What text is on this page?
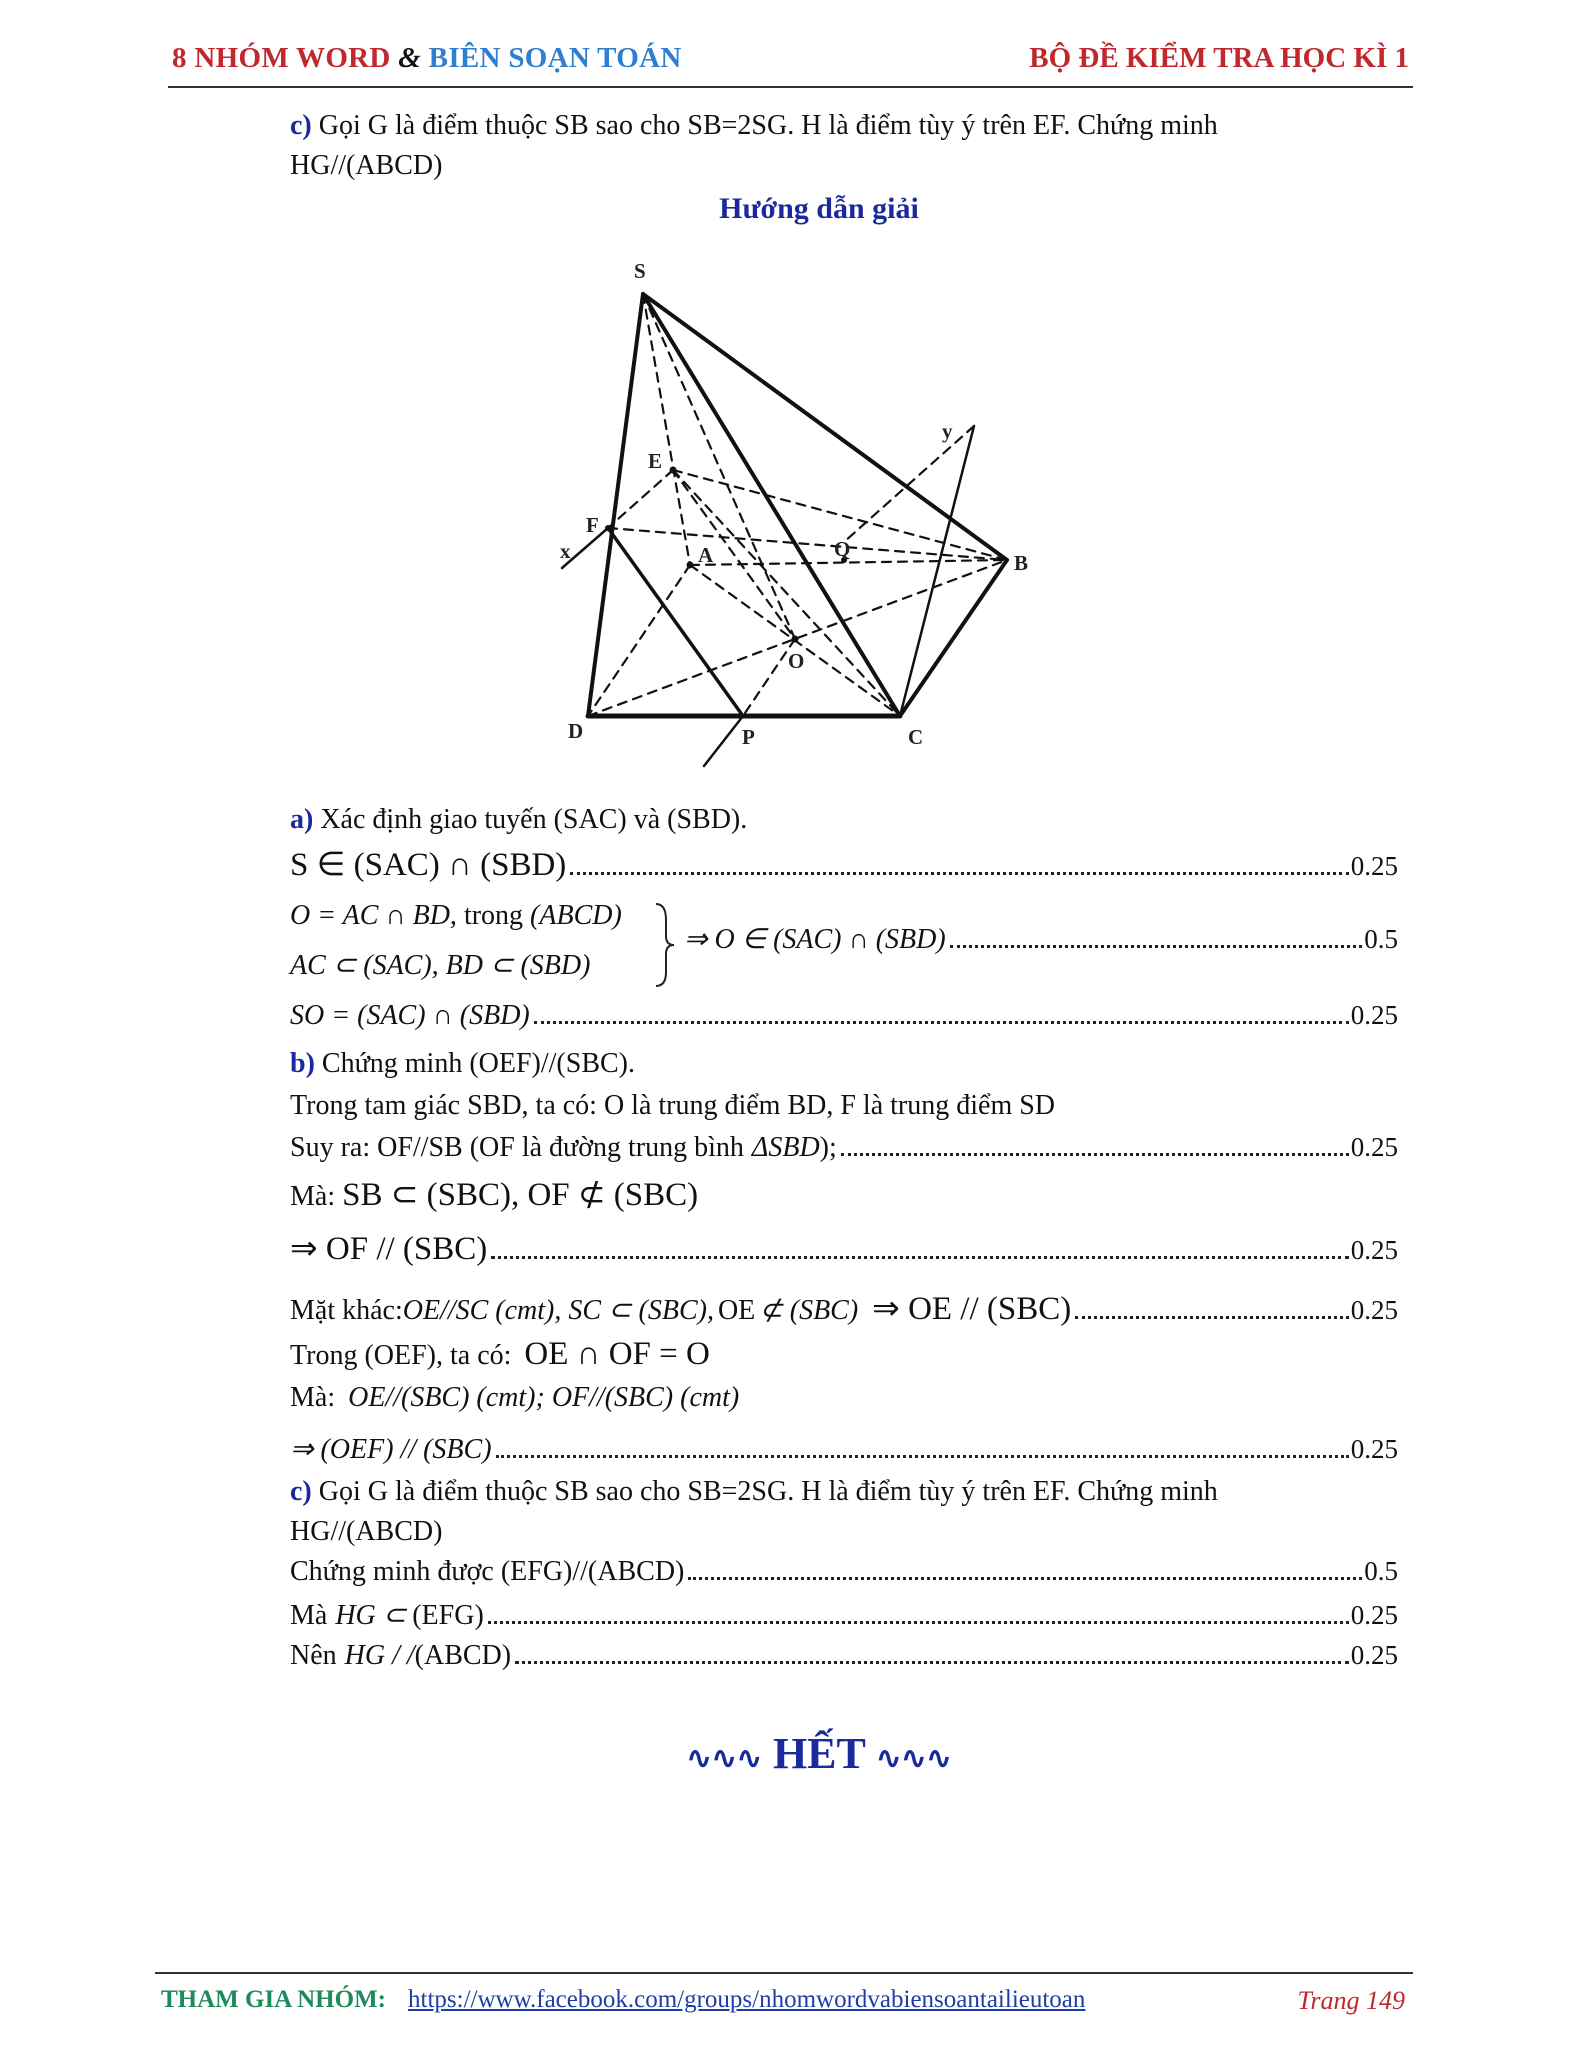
8 NHÓM WORD & BIÊN SOẠN TOÁN	BỘ ĐỀ KIỂM TRA HỌC KÌ 1
c) Gọi G là điểm thuộc SB sao cho SB=2SG. H là điểm tùy ý trên EF. Chứng minh
HG//(ABCD)
Hướng dẫn giải
S
E
F
x	A	Q
B
O
D	P	C
y
a) Xác định giao tuyến (SAC) và (SBD).
S ∈ (SAC) ∩ (SBD)	0.25
O = AC ∩ BD, trong (ABCD)
AC ⊂ (SAC), BD ⊂ (SBD)
⇒ O ∈ (SAC) ∩ (SBD)	0.5
SO = (SAC) ∩ (SBD)	0.25
b) Chứng minh (OEF)//(SBC).
Trong tam giác SBD, ta có: O là trung điểm BD, F là trung điểm SD
Suy ra: OF//SB (OF là đường trung bình ΔSBD );	0.25
Mà: SB ⊂ (SBC), OF ⊄ (SBC)
⇒ OF // (SBC)	0.25
Mặt khác: OE//SC (cmt), SC ⊂ (SBC), OE ⊄ (SBC) ⇒ OE // (SBC)	0.25
Trong (OEF), ta có: OE ∩ OF = O
Mà: OE//(SBC) (cmt); OF//(SBC) (cmt)
⇒ (OEF) // (SBC)	0.25
c) Gọi G là điểm thuộc SB sao cho SB=2SG. H là điểm tùy ý trên EF. Chứng minh
HG//(ABCD)
Chứng minh được (EFG)//(ABCD)	0.5
Mà HG ⊂ (EFG)	0.25
Nên HG / / (ABCD)	0.25
∿∿∿ HẾT ∿∿∿
THAM GIA NHÓM: https://www.facebook.com/groups/nhomwordvabiensoantailieutoan	Trang 149
